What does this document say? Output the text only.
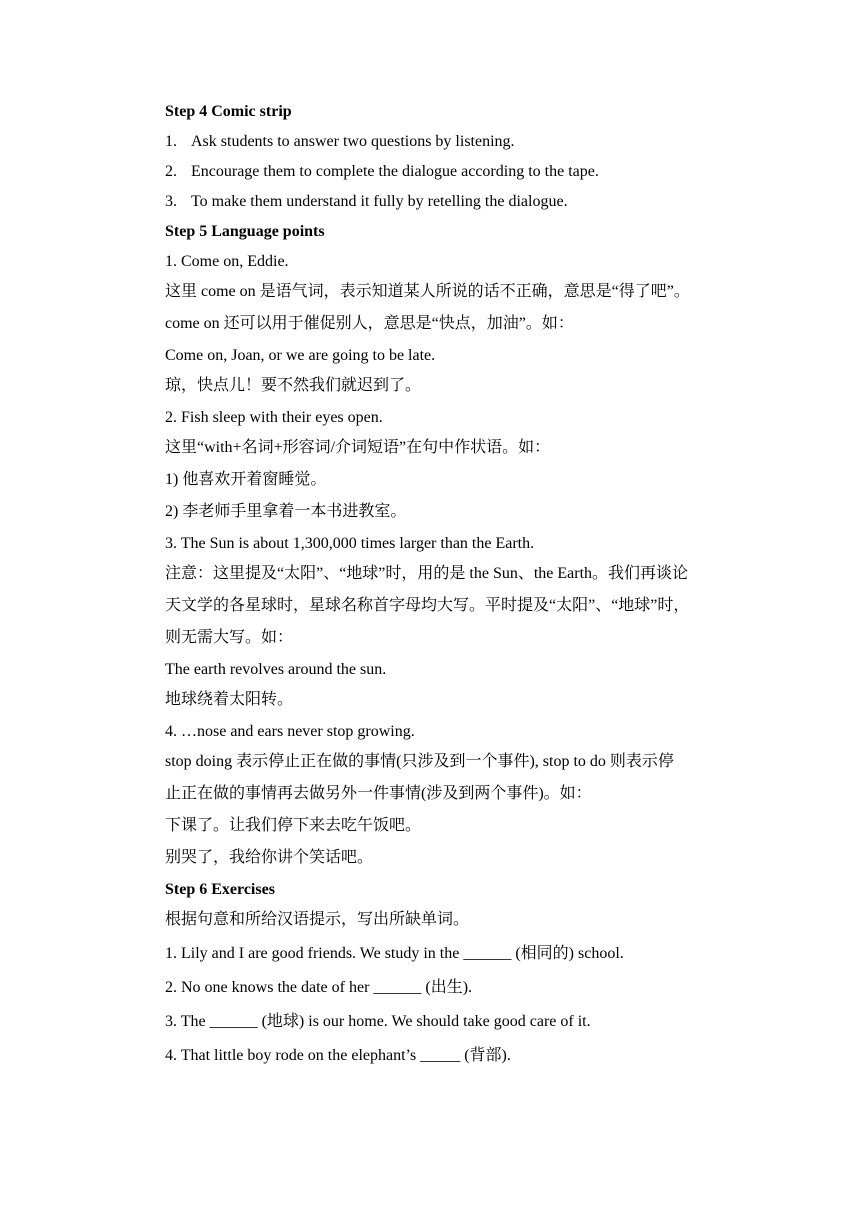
Step 4 Comic strip
1. Ask students to answer two questions by listening.
2. Encourage them to complete the dialogue according to the tape.
3. To make them understand it fully by retelling the dialogue.
Step 5 Language points
1. Come on, Eddie.
这里 come on 是语气词，表示知道某人所说的话不正确，意思是“得了吧”。
come on 还可以用于催促别人，意思是“快点，加油”。如：
Come on, Joan, or we are going to be late.
琼，快点儿！要不然我们就迟到了。
2. Fish sleep with their eyes open.
这里“with+名词+形容词/介词短语”在句中作状语。如：
1) 他喜欢开着窗睡觉。
2) 李老师手里拿着一本书进教室。
3. The Sun is about 1,300,000 times larger than the Earth.
注意：这里提及“太阳”、“地球”时，用的是 the Sun、the Earth。我们再谈论
天文学的各星球时，星球名称首字母均大写。平时提及“太阳”、“地球”时，
则无需大写。如：
The earth revolves around the sun.
地球绕着太阳转。
4. …nose and ears never stop growing.
stop doing 表示停止正在做的事情(只涉及到一个事件), stop to do 则表示停
止正在做的事情再去做另外一件事情(涉及到两个事件)。如：
下课了。让我们停下来去吃午饭吧。
别哭了，我给你讲个笑话吧。
Step 6 Exercises
根据句意和所给汉语提示，写出所缺单词。
1. Lily and I are good friends. We study in the ______ (相同的) school.
2. No one knows the date of her ______ (出生).
3. The ______ (地球) is our home. We should take good care of it.
4. That little boy rode on the elephant’s _____ (背部).
